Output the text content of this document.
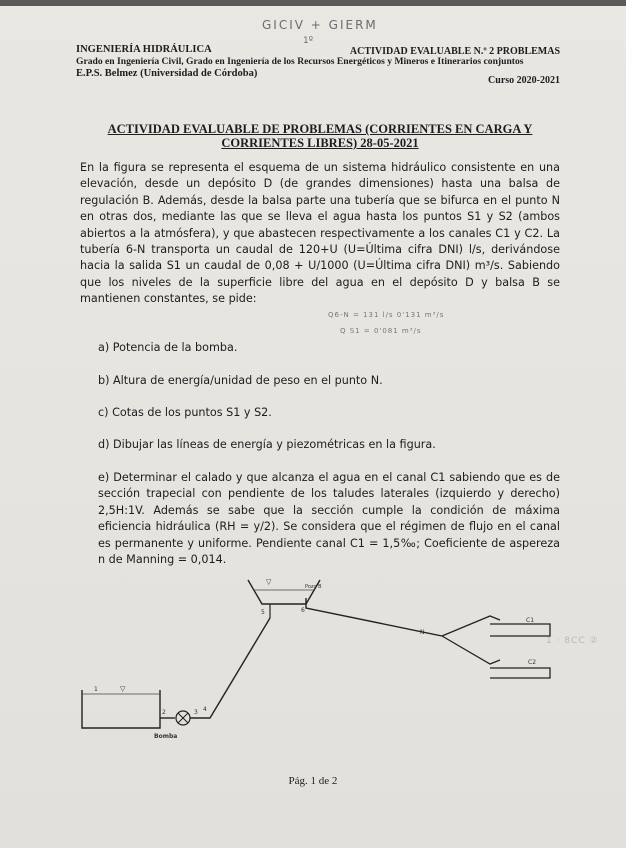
GICIV + GIERM
1º
INGENIERÍA HIDRÁULICA
Grado en Ingeniería Civil, Grado en Ingeniería de los Recursos Energéticos y Mineros e Itinerarios conjuntos
E.P.S. Belmez (Universidad de Córdoba)
ACTIVIDAD EVALUABLE N.º 2 PROBLEMAS
Curso 2020-2021
ACTIVIDAD EVALUABLE DE PROBLEMAS (CORRIENTES EN CARGA Y
CORRIENTES LIBRES) 28-05-2021
En la figura se representa el esquema de un sistema hidráulico consistente en una elevación, desde un depósito D (de grandes dimensiones) hasta una balsa de regulación B. Además, desde la balsa parte una tubería que se bifurca en el punto N en otras dos, mediante las que se lleva el agua hasta los puntos S1 y S2 (ambos abiertos a la atmósfera), y que abastecen respectivamente a los canales C1 y C2. La tubería 6-N transporta un caudal de 120+U (U=Última cifra DNI) l/s, derivándose hacia la salida S1 un caudal de 0,08 + U/1000 (U=Última cifra DNI) m³/s. Sabiendo que los niveles de la superficie libre del agua en el depósito D y balsa B se mantienen constantes, se pide:
Q6-N = 131 l/s 0'131 m³/s
Q S1 = 0'081 m³/s
a) Potencia de la bomba.
b) Altura de energía/unidad de peso en el punto N.
c) Cotas de los puntos S1 y S2.
d) Dibujar las líneas de energía y piezométricas en la figura.
e) Determinar el calado y que alcanza el agua en el canal C1 sabiendo que es de sección trapecial con pendiente de los taludes laterales (izquierdo y derecho) 2,5H:1V. Además se sabe que la sección cumple la condición de máxima eficiencia hidráulica (RH = y/2). Se considera que el régimen de flujo en el canal es permanente y uniforme. Pendiente canal C1 = 1,5‰; Coeficiente de aspereza n de Manning = 0,014.
1	▽
2
Bomba
3 4
▽
Pozo B
5	6
N
C1
C2
1 · 8CC ②
Pág. 1 de 2
